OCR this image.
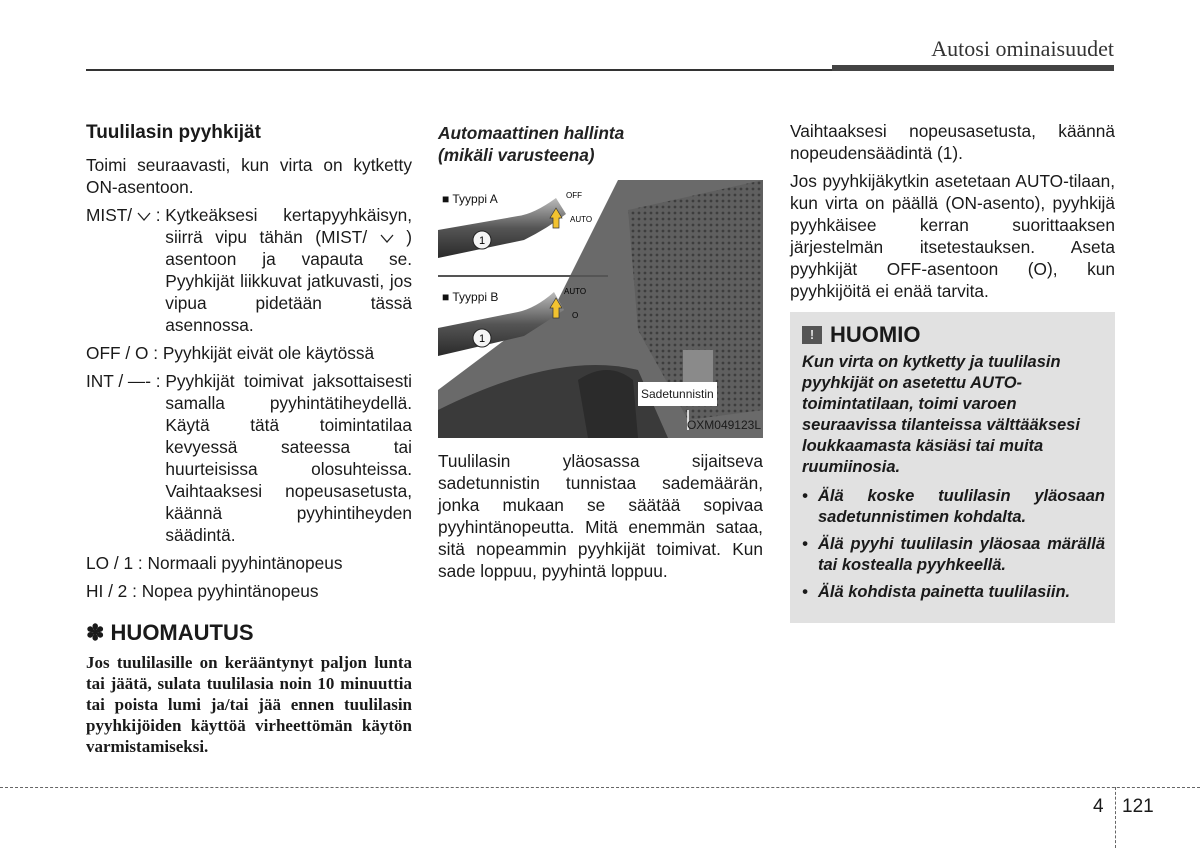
Autosi ominaisuudet
Tuulilasin pyyhkijät

Toimi seuraavasti, kun virta on kytketty ON-asentoon.

MIST/  : Kytkeäksesi kertapyyhkäisyn, siirrä vipu tähän (MIST/  ) asentoon ja vapauta se. Pyyhkijät liikkuvat jatkuvasti, jos vipua pidetään tässä asennossa.
OFF / O : Pyyhkijät eivät ole käytössä
INT / —- : Pyyhkijät toimivat jaksottaisesti samalla pyyhintätiheydellä. Käytä tätä toimintatilaa kevyessä sateessa tai huurteisissa olosuhteissa. Vaihtaaksesi nopeusasetusta, käännä pyyhintiheyden säädintä.

LO / 1 : Normaali pyyhintänopeus

HI / 2 : Nopea pyyhintänopeus

✽ HUOMAUTUS
Jos tuulilasille on kerääntynyt paljon lunta tai jäätä, sulata tuulilasia noin 10 minuuttia tai poista lumi ja/tai jää ennen tuulilasin pyyhkijöiden käyttöä virheettömän käytön varmistamiseksi.
Automaattinen hallinta
(mikäli varusteena)
1
1
OFF
AUTO
AUTO
O
■ Tyyppi A
■ Tyyppi B
Sadetunnistin
OXM049123L

Tuulilasin yläosassa sijaitseva sadetunnistin tunnistaa sademäärän, jonka mukaan se säätää sopivaa pyyhintänopeutta. Mitä enemmän sataa, sitä nopeammin pyyhkijät toimivat. Kun sade loppuu, pyyhintä loppuu.

Vaihtaaksesi nopeusasetusta, käännä nopeudensäädintä (1).

Jos pyyhkijäkytkin asetetaan AUTO-tilaan, kun virta on päällä (ON-asento), pyyhkijä pyyhkäisee kerran suorittaaksen järjestelmän itsetestauksen. Aseta pyyhkijät OFF-asentoon (O), kun pyyhkijöitä ei enää tarvita.

! HUOMIO
Kun virta on kytketty ja tuulilasin pyyhkijät on asetettu AUTO-toimintatilaan, toimi varoen seuraavissa tilanteissa välttääksesi loukkaamasta käsiäsi tai muita ruumiinosia.
• Älä koske tuulilasin yläosaan sadetunnistimen kohdalta.
• Älä pyyhi tuulilasin yläosaa märällä tai kostealla pyyhkeellä.
• Älä kohdista painetta tuulilasiin.
4 121
